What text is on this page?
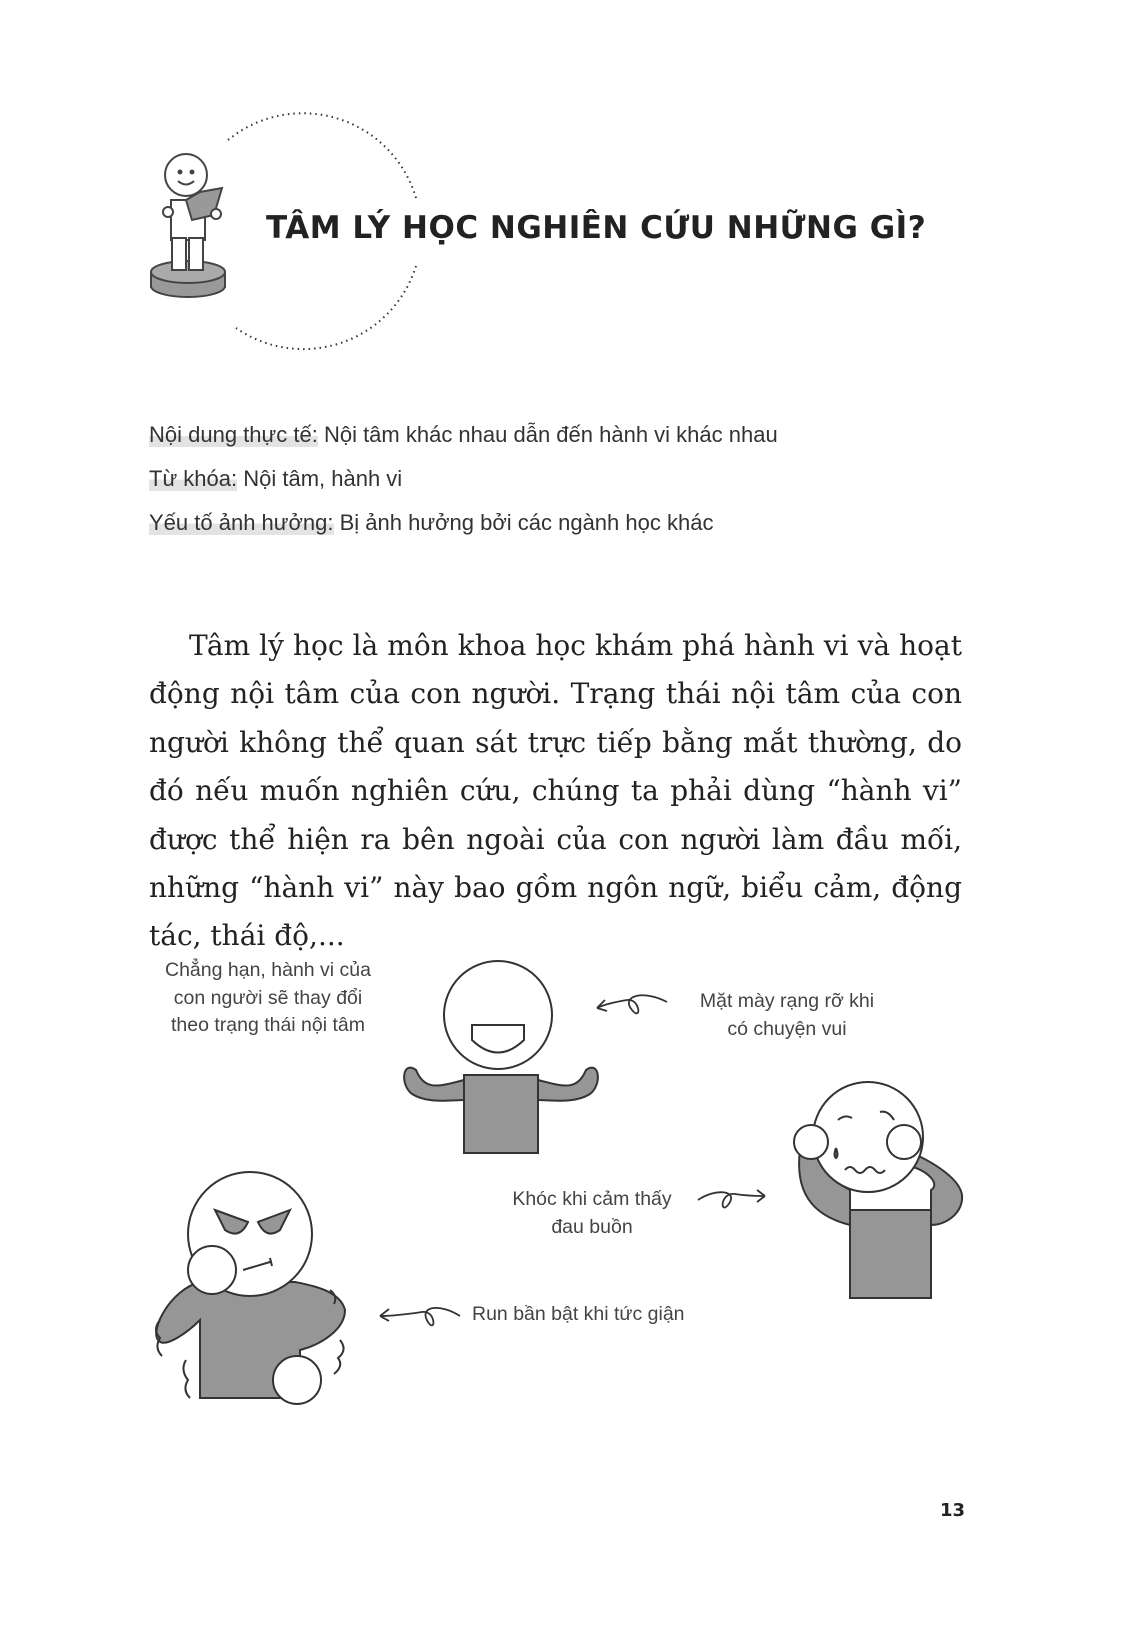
TÂM LÝ HỌC NGHIÊN CỨU NHỮNG GÌ?
Nội dung thực tế: Nội tâm khác nhau dẫn đến hành vi khác nhau
Từ khóa: Nội tâm, hành vi
Yếu tố ảnh hưởng: Bị ảnh hưởng bởi các ngành học khác
Tâm lý học là môn khoa học khám phá hành vi và hoạt động nội tâm của con người. Trạng thái nội tâm của con người không thể quan sát trực tiếp bằng mắt thường, do đó nếu muốn nghiên cứu, chúng ta phải dùng “hành vi” được thể hiện ra bên ngoài của con người làm đầu mối, những “hành vi” này bao gồm ngôn ngữ, biểu cảm, động tác, thái độ,...
Chẳng hạn, hành vi của
con người sẽ thay đổi
theo trạng thái nội tâm
Mặt mày rạng rỡ khi
có chuyện vui
Khóc khi cảm thấy
đau buồn
Run bần bật khi tức giận
13
